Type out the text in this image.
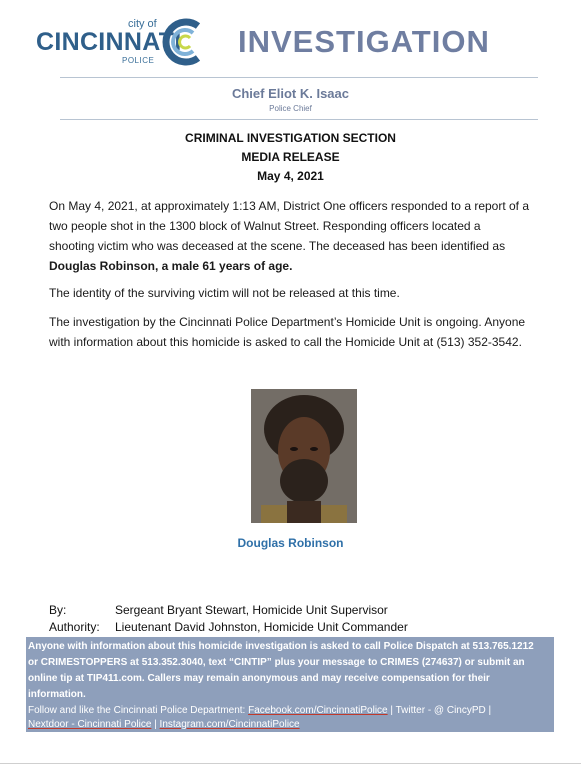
city of
CINCINNATI
POLICE
INVESTIGATION
Chief Eliot K. Isaac
Police Chief
CRIMINAL INVESTIGATION SECTION
MEDIA RELEASE
May 4, 2021
On May 4, 2021, at approximately 1:13 AM, District One officers responded to a report of a
two people shot in the 1300 block of Walnut Street. Responding officers located a
shooting victim who was deceased at the scene. The deceased has been identified as
Douglas Robinson, a male 61 years of age.
The identity of the surviving victim will not be released at this time.
The investigation by the Cincinnati Police Department’s Homicide Unit is ongoing. Anyone
with information about this homicide is asked to call the Homicide Unit at (513) 352-3542.
Douglas Robinson
By:	Sergeant Bryant Stewart, Homicide Unit Supervisor
Authority: Lieutenant David Johnston, Homicide Unit Commander
Anyone with information about this homicide investigation is asked to call Police Dispatch at 513.765.1212
or CRIMESTOPPERS at 513.352.3040, text “CINTIP” plus your message to CRIMES (274637) or submit an
online tip at TIP411.com. Callers may remain anonymous and may receive compensation for their
information.
Follow and like the Cincinnati Police Department: Facebook.com/CincinnatiPolice | Twitter - @ CincyPD |
Nextdoor - Cincinnati Police | Instagram.com/CincinnatiPolice
